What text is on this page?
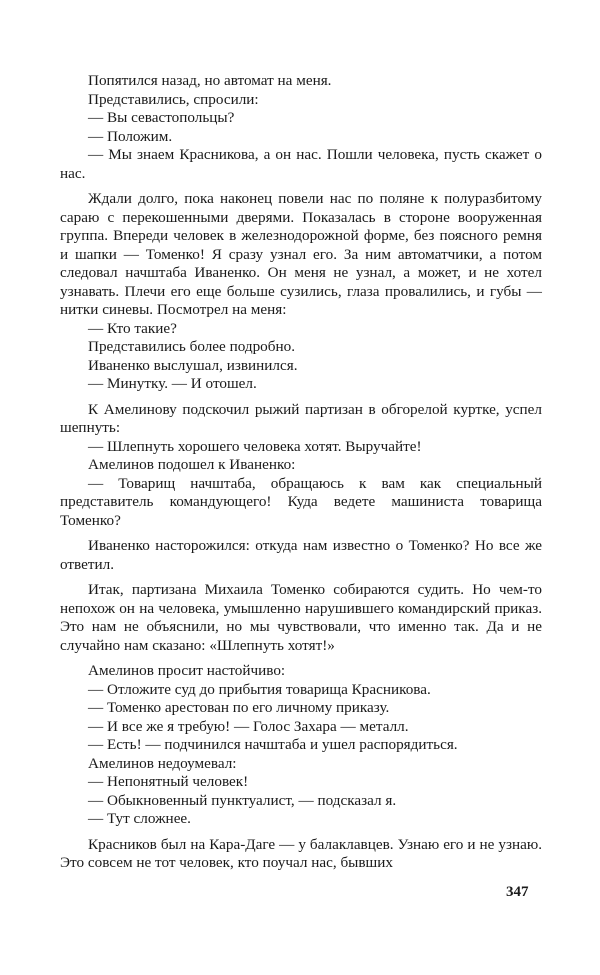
Попятился назад, но автомат на меня.

Представились, спросили:

— Вы севастопольцы?

— Положим.

— Мы знаем Красникова, а он нас. Пошли человека, пусть скажет о нас.

Ждали долго, пока наконец повели нас по поляне к полуразбитому сараю с перекошенными дверями. Показалась в стороне вооруженная группа. Впереди человек в железнодорожной форме, без поясного ремня и шапки — Томенко! Я сразу узнал его. За ним автоматчики, а потом следовал начштаба Иваненко. Он меня не узнал, а может, и не хотел узнавать. Плечи его еще больше сузились, глаза провалились, и губы — нитки синевы. Посмотрел на меня:

— Кто такие?

Представились более подробно.

Иваненко выслушал, извинился.

— Минутку. — И отошел.

К Амелинову подскочил рыжий партизан в обгорелой куртке, успел шепнуть:

— Шлепнуть хорошего человека хотят. Выручайте!

Амелинов подошел к Иваненко:

— Товарищ начштаба, обращаюсь к вам как специальный представитель командующего! Куда ведете машиниста товарища Томенко?

Иваненко насторожился: откуда нам известно о Томенко? Но все же ответил.

Итак, партизана Михаила Томенко собираются судить. Но чем-то непохож он на человека, умышленно нарушившего командирский приказ. Это нам не объяснили, но мы чувствовали, что именно так. Да и не случайно нам сказано: «Шлепнуть хотят!»

Амелинов просит настойчиво:

— Отложите суд до прибытия товарища Красникова.

— Томенко арестован по его личному приказу.

— И все же я требую! — Голос Захара — металл.

— Есть! — подчинился начштаба и ушел распорядиться.

Амелинов недоумевал:

— Непонятный человек!

— Обыкновенный пунктуалист, — подсказал я.

— Тут сложнее.

Красников был на Кара-Даге — у балаклавцев. Узнаю его и не узнаю. Это совсем не тот человек, кто поучал нас, бывших

347
